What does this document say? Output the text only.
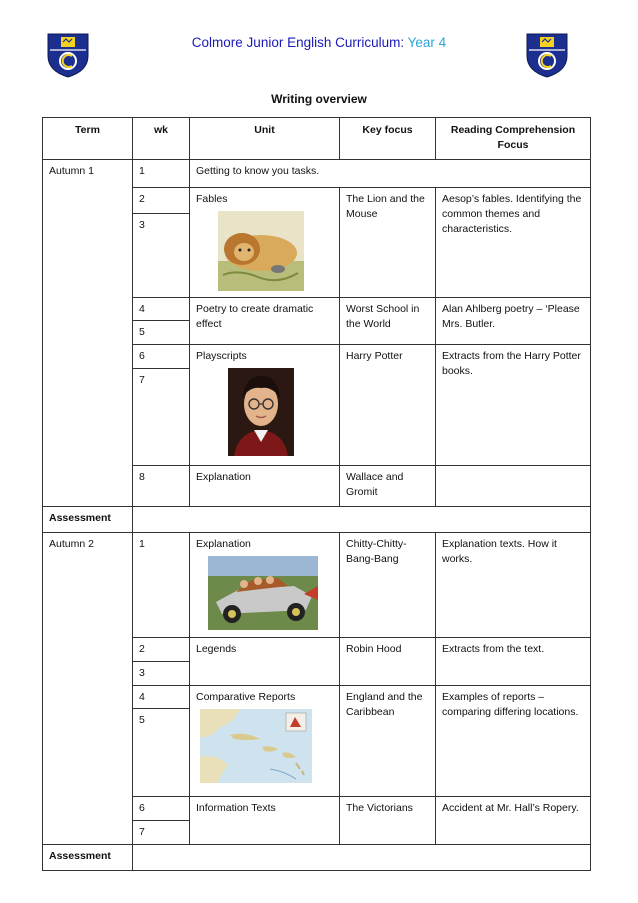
Colmore Junior English Curriculum: Year 4
Writing overview
Term	wk	Unit	Key focus	Reading Comprehension Focus
Autumn 1	1	Getting to know you tasks.		
	2	Fables	The Lion and the Mouse	Aesop’s fables. Identifying the common themes and characteristics.
	3			
	4	Poetry to create dramatic effect	Worst School in the World	Alan Ahlberg poetry – ‘Please Mrs. Butler.
	5			
	6	Playscripts	Harry Potter	Extracts from the Harry Potter books.
	7			
	8	Explanation	Wallace and Gromit	
Assessment				
Autumn 2	1	Explanation	Chitty-Chitty-Bang-Bang	Explanation texts. How it works.
	2	Legends	Robin Hood	Extracts from the text.
	3			
	4	Comparative Reports	England and the Caribbean	Examples of reports – comparing differing locations.
	5			
	6	Information Texts	The Victorians	Accident at Mr. Hall’s Ropery.
	7			
Assessment				
